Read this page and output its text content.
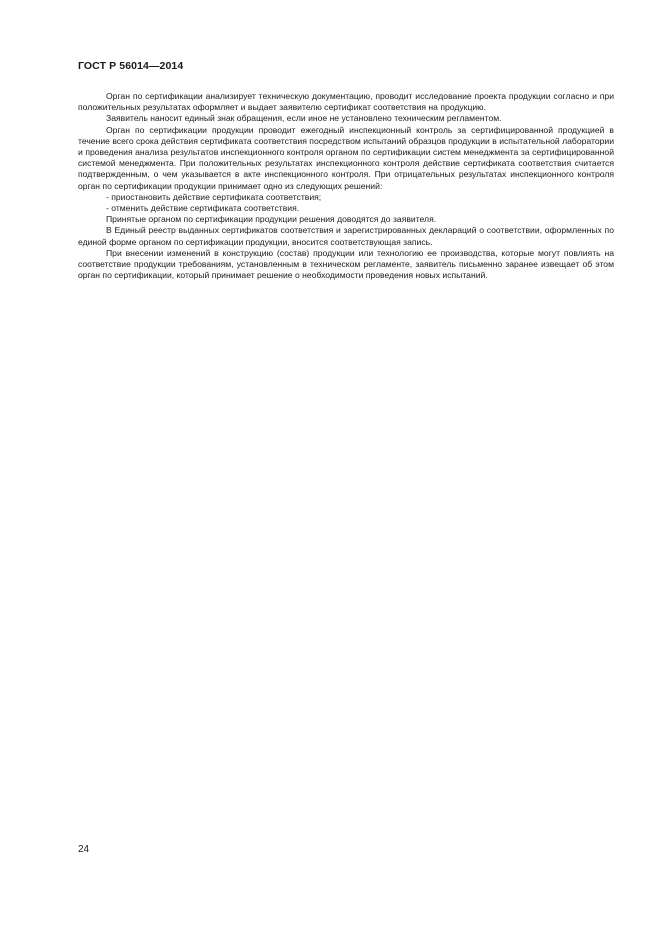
ГОСТ Р 56014—2014

Орган по сертификации анализирует техническую документацию, проводит исследование проекта продукции согласно и при положительных результатах оформляет и выдает заявителю сертификат соответствия на продукцию.

Заявитель наносит единый знак обращения, если иное не установлено техническим регламентом.

Орган по сертификации продукции проводит ежегодный инспекционный контроль за сертифицированной продукцией в течение всего срока действия сертификата соответствия посредством испытаний образцов продукции в испытательной лаборатории и проведения анализа результатов инспекционного контроля органом по сертификации систем менеджмента за сертифицированной системой менеджмента. При положительных результатах инспекционного контроля действие сертификата соответствия считается подтвержденным, о чем указывается в акте инспекционного контроля. При отрицательных результатах инспекционного контроля орган по сертификации продукции принимает одно из следующих решений:

- приостановить действие сертификата соответствия;

- отменить действие сертификата соответствия.

Принятые органом по сертификации продукции решения доводятся до заявителя.

В Единый реестр выданных сертификатов соответствия и зарегистрированных деклараций о соответствии, оформленных по единой форме органом по сертификации продукции, вносится соответствующая запись.

При внесении изменений в конструкцию (состав) продукции или технологию ее производства, которые могут повлиять на соответствие продукции требованиям, установленным в техническом регламенте, заявитель письменно заранее извещает об этом орган по сертификации, который принимает решение о необходимости проведения новых испытаний.

24
